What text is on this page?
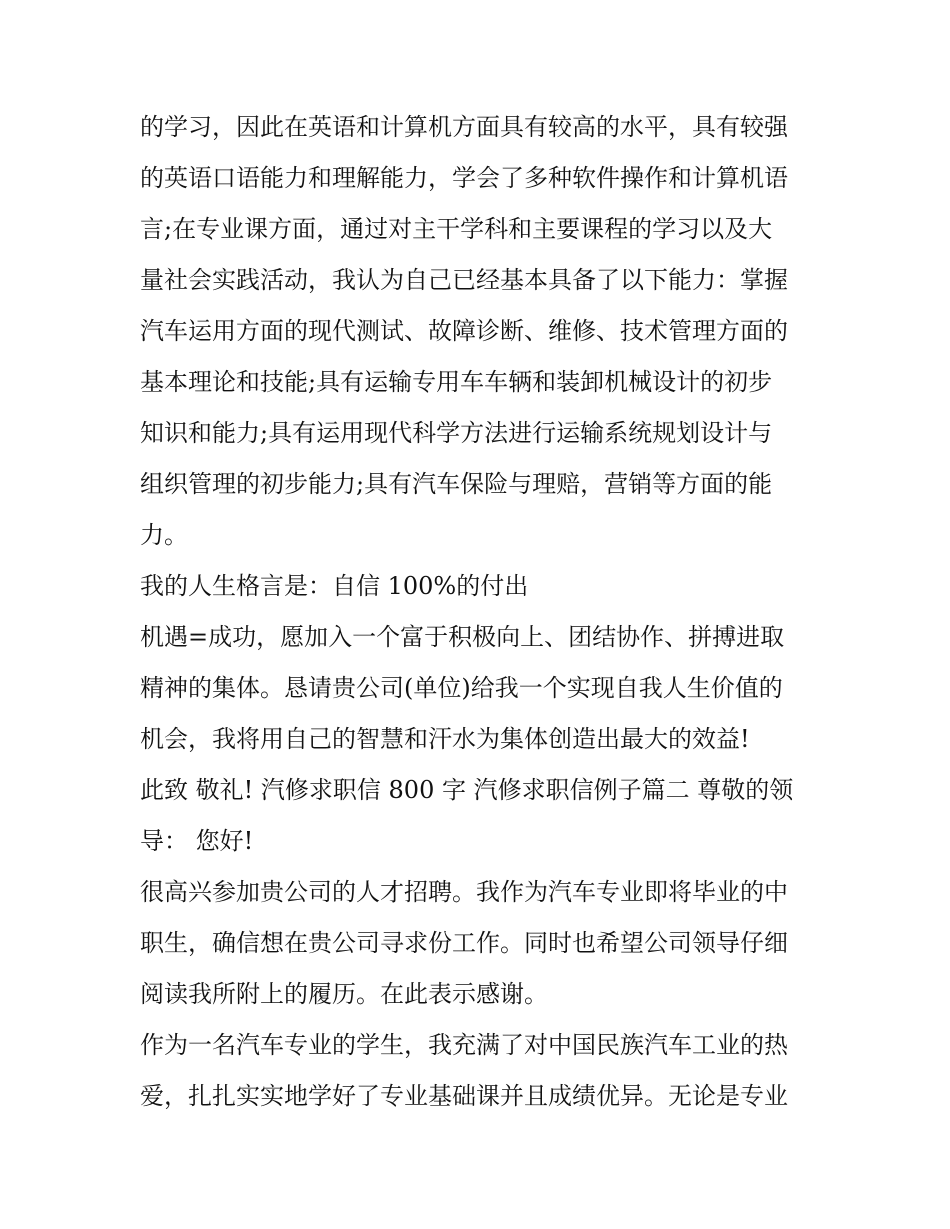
的学习，因此在英语和计算机方面具有较高的水平，具有较强
的英语口语能力和理解能力，学会了多种软件操作和计算机语
言;在专业课方面，通过对主干学科和主要课程的学习以及大
量社会实践活动，我认为自己已经基本具备了以下能力：掌握
汽车运用方面的现代测试、故障诊断、维修、技术管理方面的
基本理论和技能;具有运输专用车车辆和装卸机械设计的初步
知识和能力;具有运用现代科学方法进行运输系统规划设计与
组织管理的初步能力;具有汽车保险与理赔，营销等方面的能
力。
我的人生格言是：自信 100%的付出
机遇=成功，愿加入一个富于积极向上、团结协作、拼搏进取
精神的集体。恳请贵公司(单位)给我一个实现自我人生价值的
机会，我将用自己的智慧和汗水为集体创造出最大的效益!
此致 敬礼! 汽修求职信 800 字 汽修求职信例子篇二 尊敬的领
导： 您好!
很高兴参加贵公司的人才招聘。我作为汽车专业即将毕业的中
职生，确信想在贵公司寻求份工作。同时也希望公司领导仔细
阅读我所附上的履历。在此表示感谢。
作为一名汽车专业的学生，我充满了对中国民族汽车工业的热
爱，扎扎实实地学好了专业基础课并且成绩优异。无论是专业
